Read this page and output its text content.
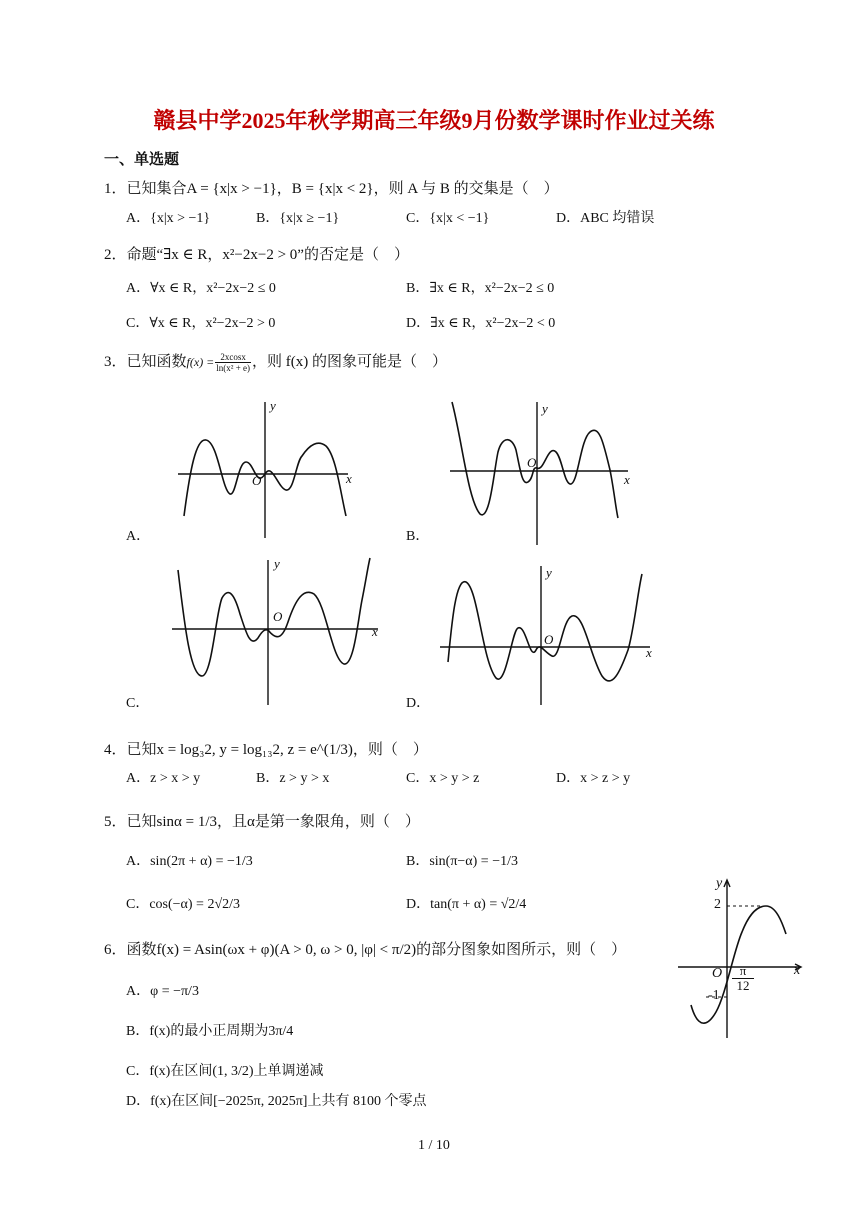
赣县中学2025年秋学期高三年级9月份数学课时作业过关练
一、单选题
1．已知集合A = {x|x > −1}，B = {x|x < 2}，则 A 与 B 的交集是（　）
A．{x|x > −1}	B．{x|x ≥ −1}	C．{x|x < −1}	D．ABC 均错误
2．命题“∃x ∈ R，x²−2x−2 > 0”的否定是（　）
A．∀x ∈ R，x²−2x−2 ≤ 0	B．∃x ∈ R，x²−2x−2 ≤ 0
C．∀x ∈ R，x²−2x−2 > 0	D．∃x ∈ R，x²−2x−2 < 0
3．已知函数$f(x) = \frac{2xcosx}{\text{ln(x² + e)}}$ ，则 f(x) 的图象可能是（　）
y
x
O
A．
y
x
O
B．
y
x
O
C．
y
x
O
D．
4．已知x = log₃2, y = log₁₃2, z = e^(1/3)，则（　）
A．z > x > y	B．z > y > x	C．x > y > z	D．x > z > y
5．已知sinα = 1/3，且α是第一象限角，则（　）
A．sin(2π + α) = −1/3	B．sin(π−α) = −1/3
C．cos(−α) = 2√2/3	D．tan(π + α) = √2/4
6．函数f(x) = Asin(ωx + φ)(A > 0, ω > 0, |φ| < π/2)的部分图象如图所示，则（　）
A．φ = −π/3
B．f(x)的最小正周期为3π/4
C．f(x)在区间(1, 3/2)上单调递减
D．f(x)在区间[−2025π, 2025π]上共有 8100 个零点
y
x
O
2
-1
$\frac{\pi}{12}$
1 / 10
